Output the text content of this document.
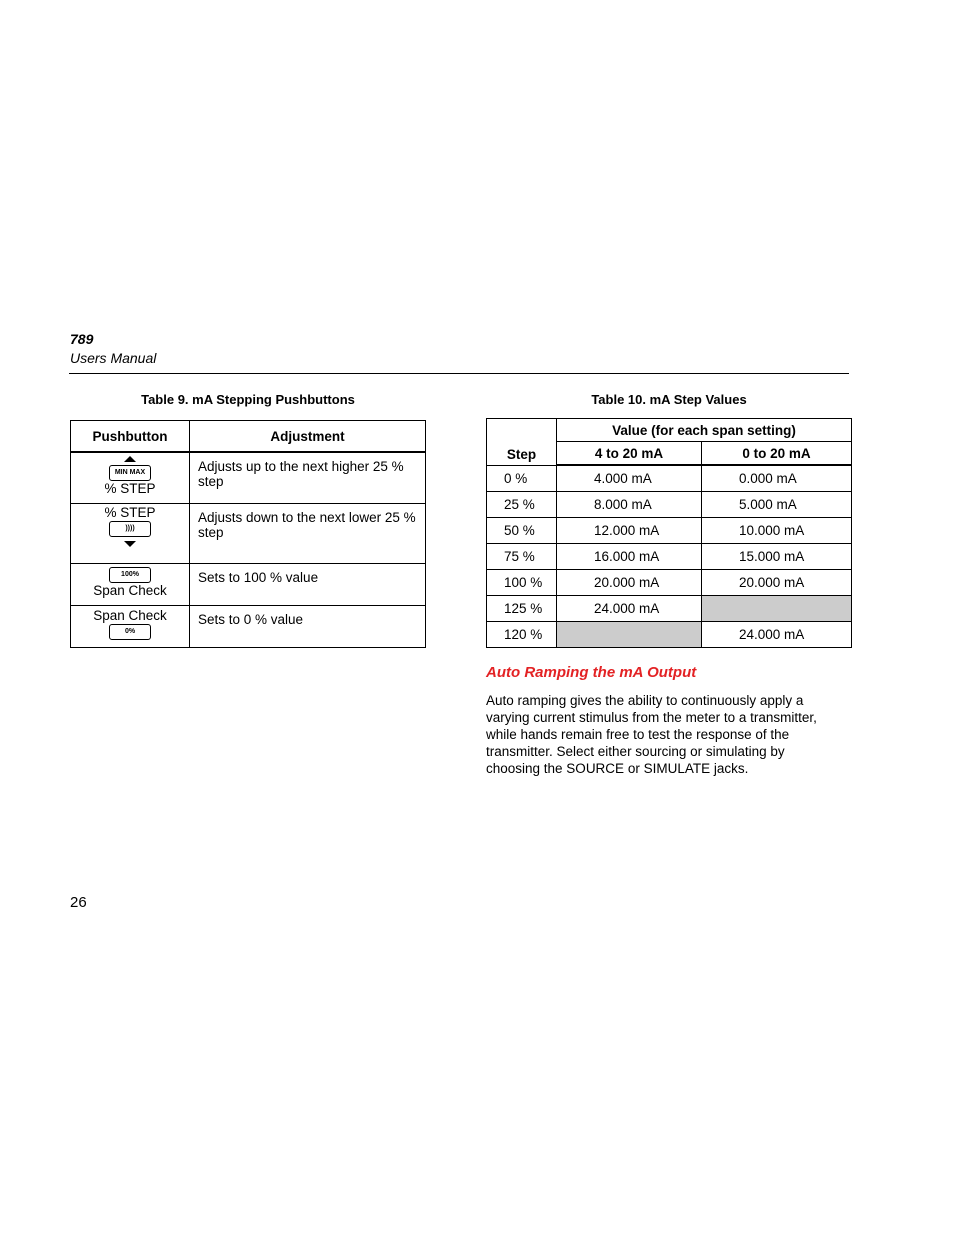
789
Users Manual
Table 9. mA Stepping Pushbuttons	Table 10. mA Step Values
Pushbutton	Adjustment

MIN MAX
% STEP	Adjusts up to the next higher 25 % step

% STEP
))))	Adjusts down to the next lower 25 % step

100%
Span Check	Sets to 100 % value

Span Check
0%	Sets to 0 % value
Step	Value (for each span setting)	
	4 to 20 mA	0 to 20 mA
0 %	4.000 mA	0.000 mA
25 %	8.000 mA	5.000 mA
50 %	12.000 mA	10.000 mA
75 %	16.000 mA	15.000 mA
100 %	20.000 mA	20.000 mA
125 %	24.000 mA	
120 %		24.000 mA
Auto Ramping the mA Output
Auto ramping gives the ability to continuously apply a varying current stimulus from the meter to a transmitter, while hands remain free to test the response of the transmitter. Select either sourcing or simulating by choosing the SOURCE or SIMULATE jacks.
26
